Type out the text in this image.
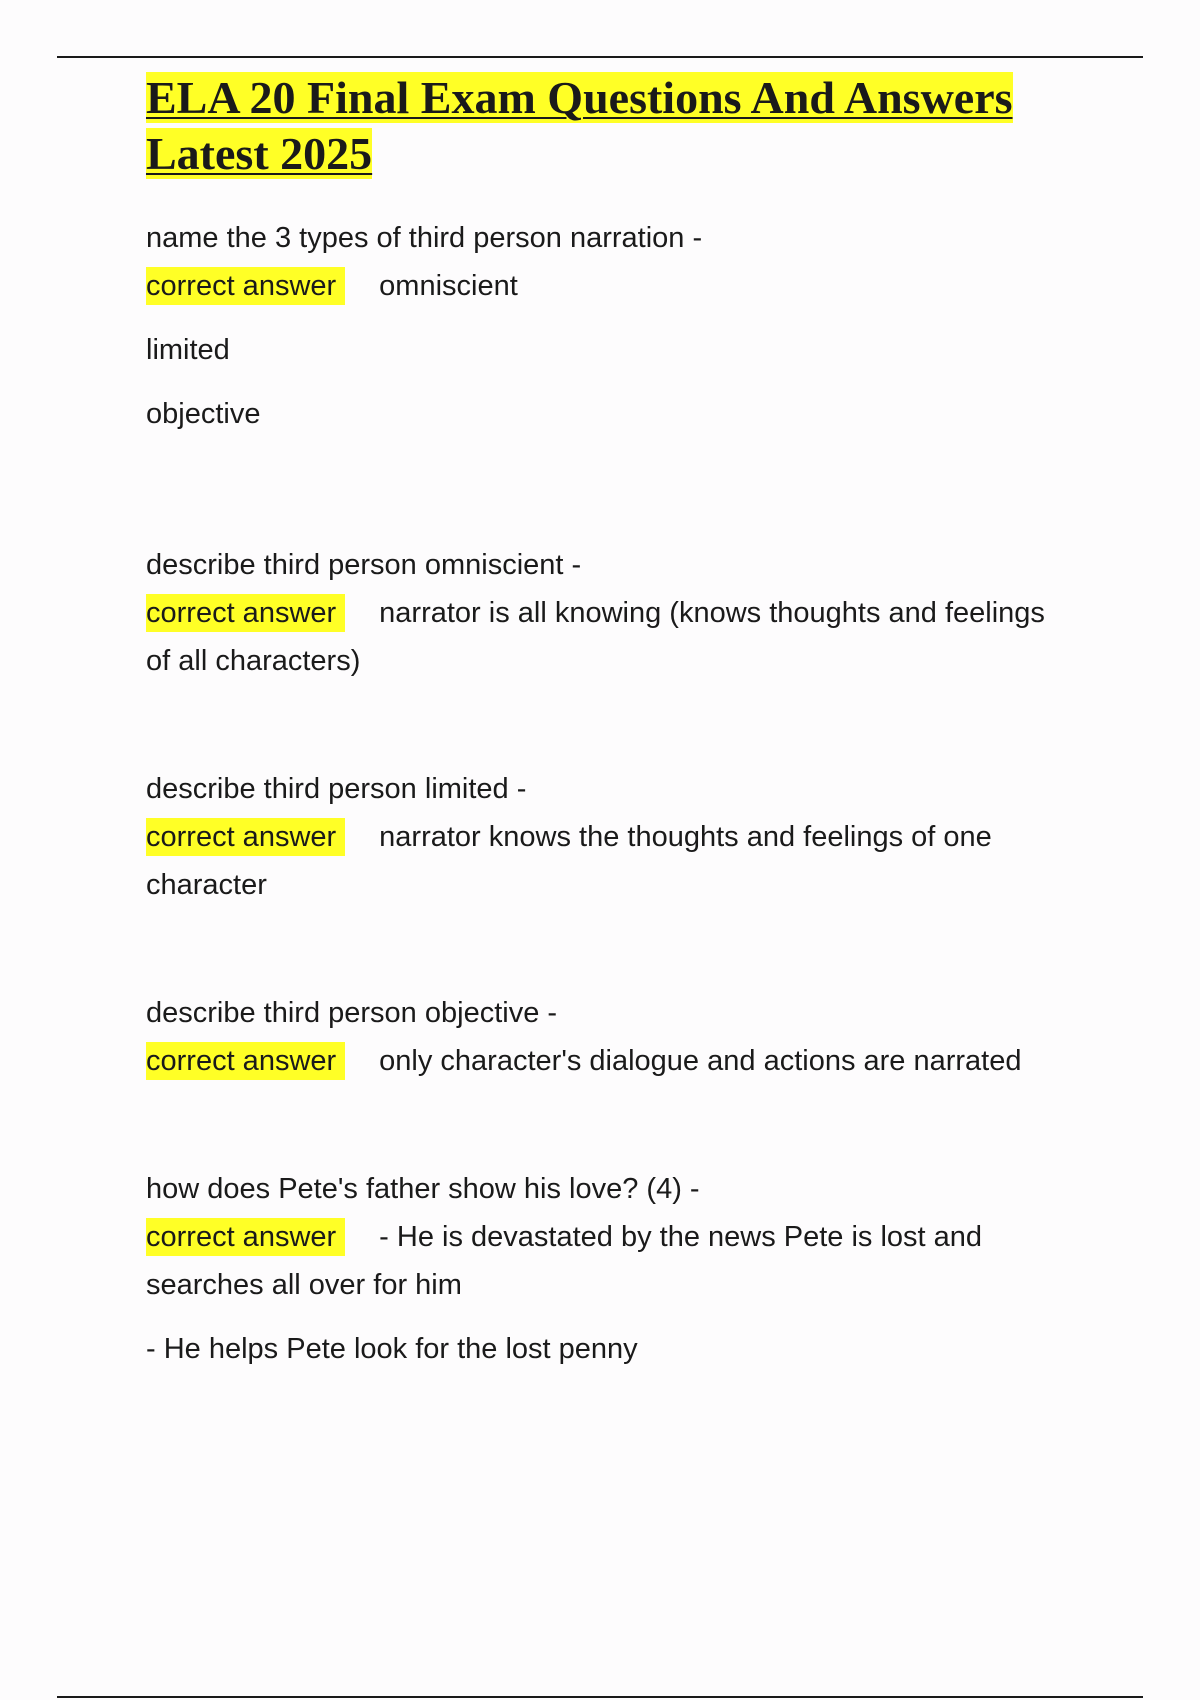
ELA 20 Final Exam Questions And Answers Latest 2025

name the 3 types of third person narration -

correct answer omniscient

limited

objective

describe third person omniscient -

correct answer narrator is all knowing (knows thoughts and feelings of all characters)

describe third person limited -

correct answer narrator knows the thoughts and feelings of one character

describe third person objective -

correct answer only character's dialogue and actions are narrated

how does Pete's father show his love? (4) -

correct answer - He is devastated by the news Pete is lost and searches all over for him

- He helps Pete look for the lost penny
